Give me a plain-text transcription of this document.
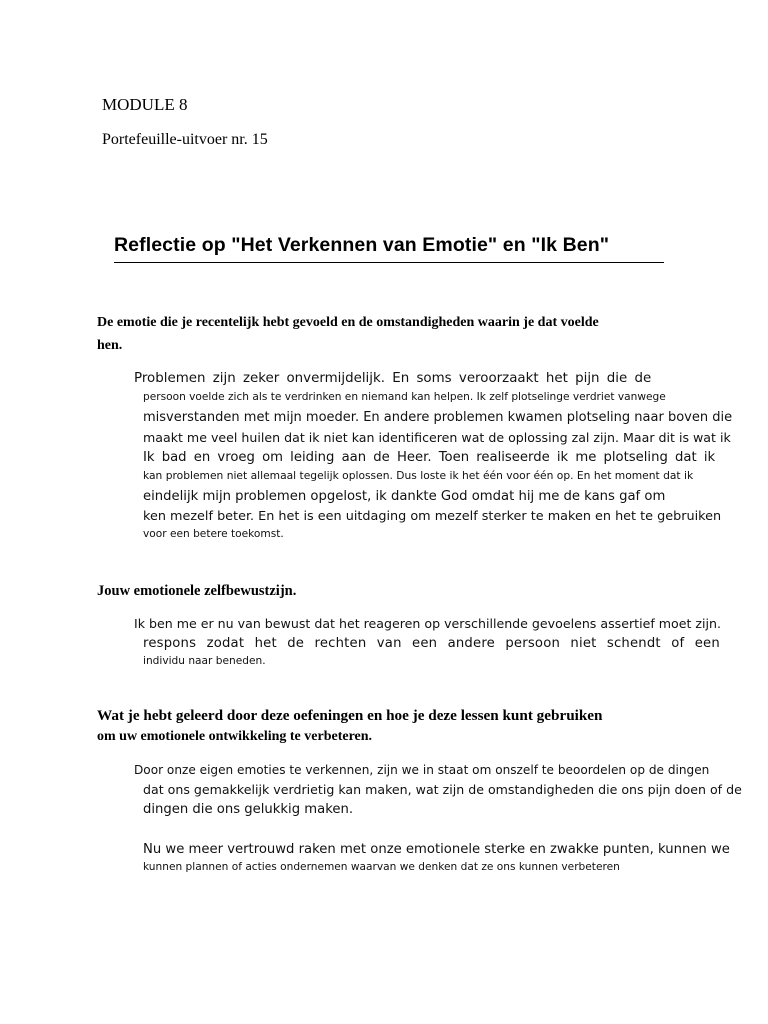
MODULE 8
Portefeuille-uitvoer nr. 15
Reflectie op "Het Verkennen van Emotie" en "Ik Ben"
De emotie die je recentelijk hebt gevoeld en de omstandigheden waarin je dat voelde
hen.
Problemen zijn zeker onvermijdelijk. En soms veroorzaakt het pijn die de
persoon voelde zich als te verdrinken en niemand kan helpen. Ik zelf plotselinge verdriet vanwege
misverstanden met mijn moeder. En andere problemen kwamen plotseling naar boven die
maakt me veel huilen dat ik niet kan identificeren wat de oplossing zal zijn. Maar dit is wat ik
Ik bad en vroeg om leiding aan de Heer. Toen realiseerde ik me plotseling dat ik
kan problemen niet allemaal tegelijk oplossen. Dus loste ik het één voor één op. En het moment dat ik
eindelijk mijn problemen opgelost, ik dankte God omdat hij me de kans gaf om
ken mezelf beter. En het is een uitdaging om mezelf sterker te maken en het te gebruiken
voor een betere toekomst.
Jouw emotionele zelfbewustzijn.
Ik ben me er nu van bewust dat het reageren op verschillende gevoelens assertief moet zijn.
respons zodat het de rechten van een andere persoon niet schendt of een
individu naar beneden.
Wat je hebt geleerd door deze oefeningen en hoe je deze lessen kunt gebruiken
om uw emotionele ontwikkeling te verbeteren.
Door onze eigen emoties te verkennen, zijn we in staat om onszelf te beoordelen op de dingen
dat ons gemakkelijk verdrietig kan maken, wat zijn de omstandigheden die ons pijn doen of de
dingen die ons gelukkig maken.
Nu we meer vertrouwd raken met onze emotionele sterke en zwakke punten, kunnen we
kunnen plannen of acties ondernemen waarvan we denken dat ze ons kunnen verbeteren
